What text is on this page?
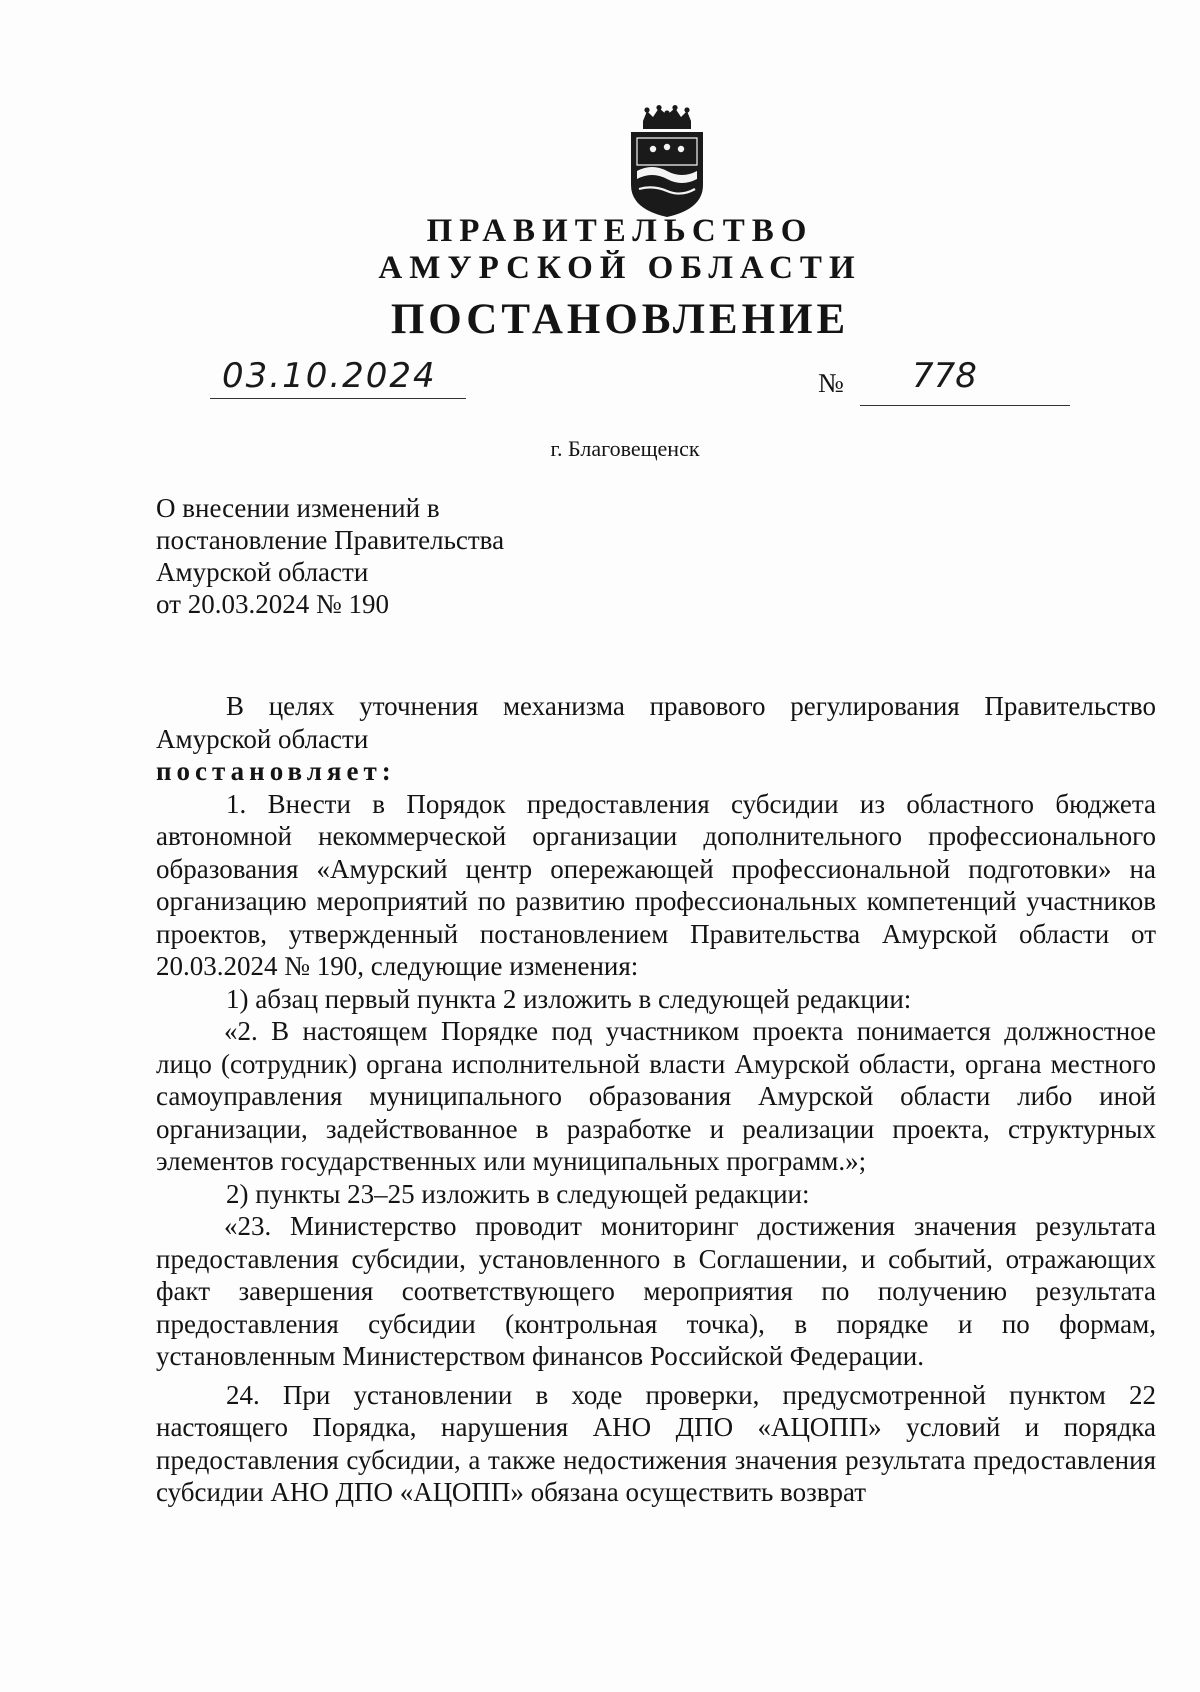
ПРАВИТЕЛЬСТВО
АМУРСКОЙ ОБЛАСТИ
ПОСТАНОВЛЕНИЕ
03.10.2024	№ 778
г. Благовещенск
О внесении изменений в
постановление Правительства
Амурской области
от 20.03.2024 № 190

В целях уточнения механизма правового регулирования Правительство Амурской области

постановляет:

1. Внести в Порядок предоставления субсидии из областного бюджета автономной некоммерческой организации дополнительного профессионального образования «Амурский центр опережающей профессиональной подготовки» на организацию мероприятий по развитию профессиональных компетенций участников проектов, утвержденный постановлением Правительства Амурской области от 20.03.2024 № 190, следующие изменения:

1) абзац первый пункта 2 изложить в следующей редакции:

«2. В настоящем Порядке под участником проекта понимается должностное лицо (сотрудник) органа исполнительной власти Амурской области, органа местного самоуправления муниципального образования Амурской области либо иной организации, задействованное в разработке и реализации проекта, структурных элементов государственных или муниципальных программ.»;

2) пункты 23–25 изложить в следующей редакции:

«23. Министерство проводит мониторинг достижения значения результата предоставления субсидии, установленного в Соглашении, и событий, отражающих факт завершения соответствующего мероприятия по получению результата предоставления субсидии (контрольная точка), в порядке и по формам, установленным Министерством финансов Российской Федерации.

24. При установлении в ходе проверки, предусмотренной пунктом 22 настоящего Порядка, нарушения АНО ДПО «АЦОПП» условий и порядка предоставления субсидии, а также недостижения значения результата предоставления субсидии АНО ДПО «АЦОПП» обязана осуществить возврат
